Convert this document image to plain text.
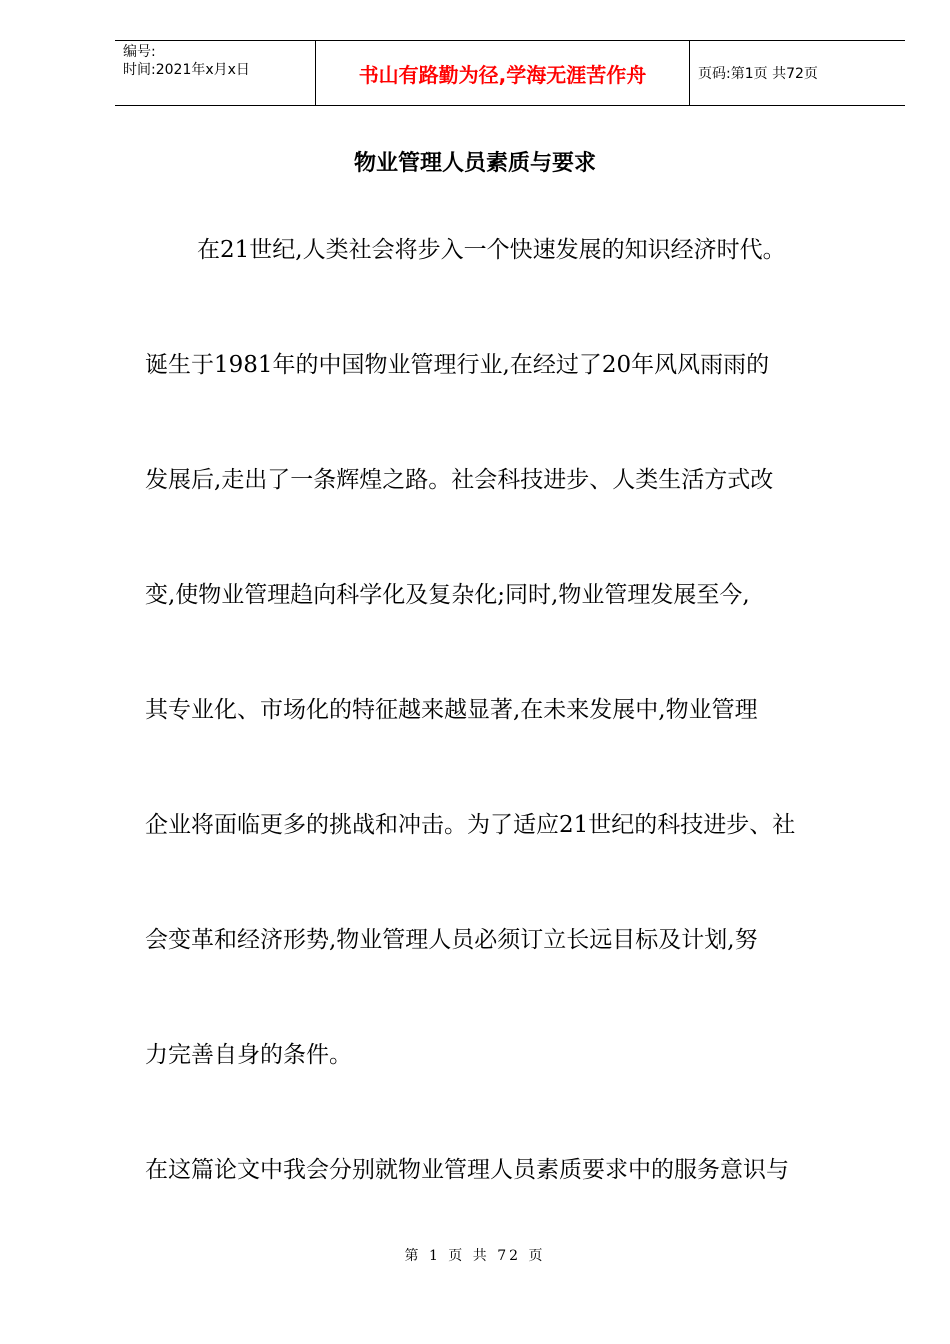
编号:
时间:2021年x月x日	书山有路勤为径,学海无涯苦作舟	页码:第1页 共72页
物业管理人员素质与要求
在21世纪,人类社会将步入一个快速发展的知识经济时代。
诞生于1981年的中国物业管理行业,在经过了20年风风雨雨的
发展后,走出了一条辉煌之路。社会科技进步、人类生活方式改
变,使物业管理趋向科学化及复杂化;同时,物业管理发展至今,
其专业化、市场化的特征越来越显著,在未来发展中,物业管理
企业将面临更多的挑战和冲击。为了适应21世纪的科技进步、社
会变革和经济形势,物业管理人员必须订立长远目标及计划,努
力完善自身的条件。
在这篇论文中我会分别就物业管理人员素质要求中的服务意识与
第 1 页 共 72 页
